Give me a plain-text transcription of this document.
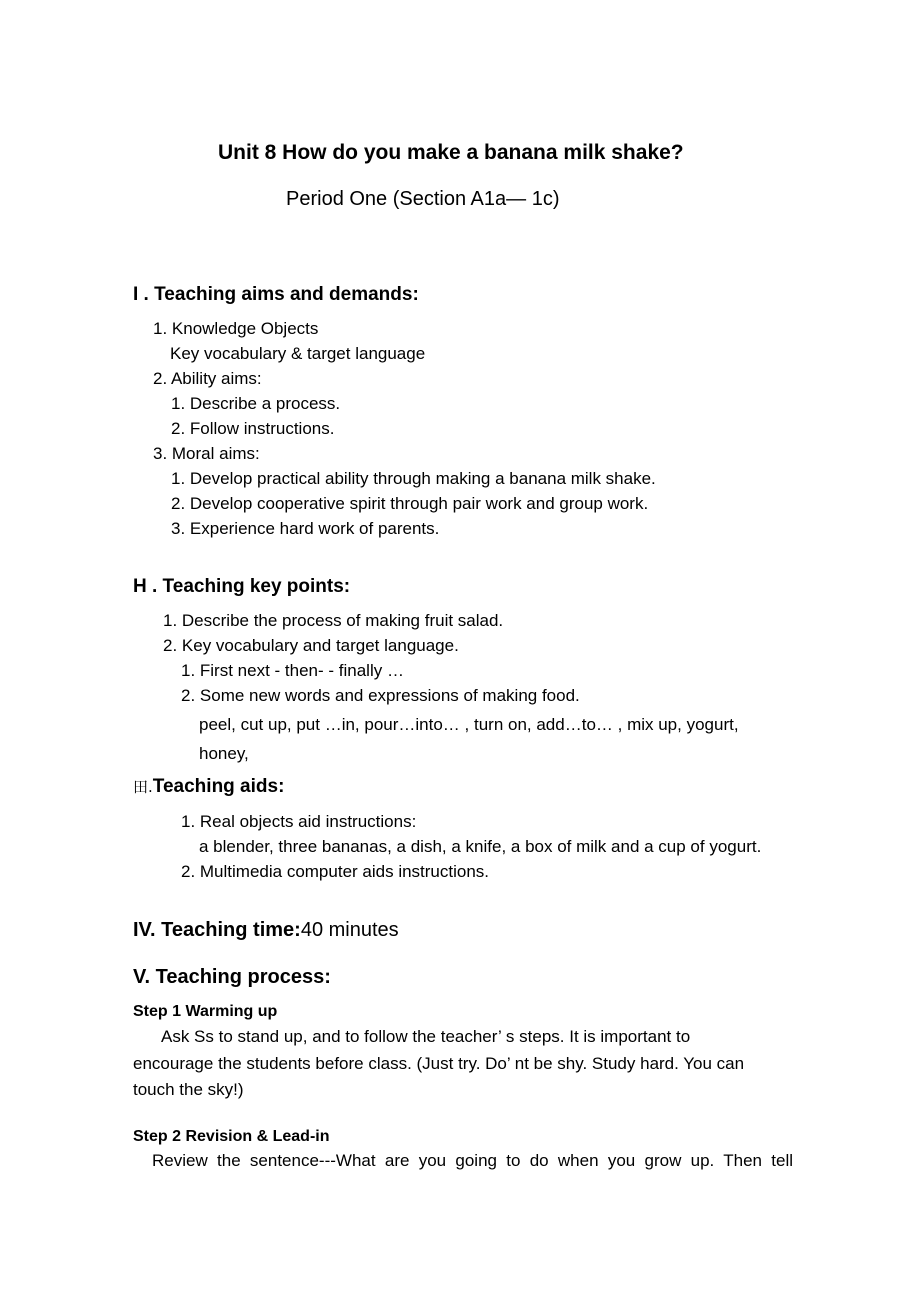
Unit 8 How do you make a banana milk shake?
Period One (Section A1a— 1c)
I . Teaching aims and demands:
1. Knowledge Objects
Key vocabulary & target language
2. Ability aims:
1. Describe a process.
2. Follow instructions.
3. Moral aims:
1. Develop practical ability through making a banana milk shake.
2. Develop cooperative spirit through pair work and group work.
3. Experience hard work of parents.
H . Teaching key points:
1. Describe the process of making fruit salad.
2. Key vocabulary and target language.
1. First next - then- - finally …
2. Some new words and expressions of making food.
peel, cut up, put …in, pour…into… , turn on, add…to… , mix up, yogurt,
honey,
田.Teaching aids:
1. Real objects aid instructions:
a blender, three bananas, a dish, a knife, a box of milk and a cup of yogurt.
2. Multimedia computer aids instructions.
IV. Teaching time:40 minutes
V. Teaching process:
Step 1 Warming up
Ask Ss to stand up, and to follow the teacher’ s steps. It is important to
encourage the students before class. (Just try. Do’ nt be shy. Study hard. You can
touch the sky!)
Step 2 Revision & Lead-in
Review the sentence---What are you going to do when you grow up. Then tell
